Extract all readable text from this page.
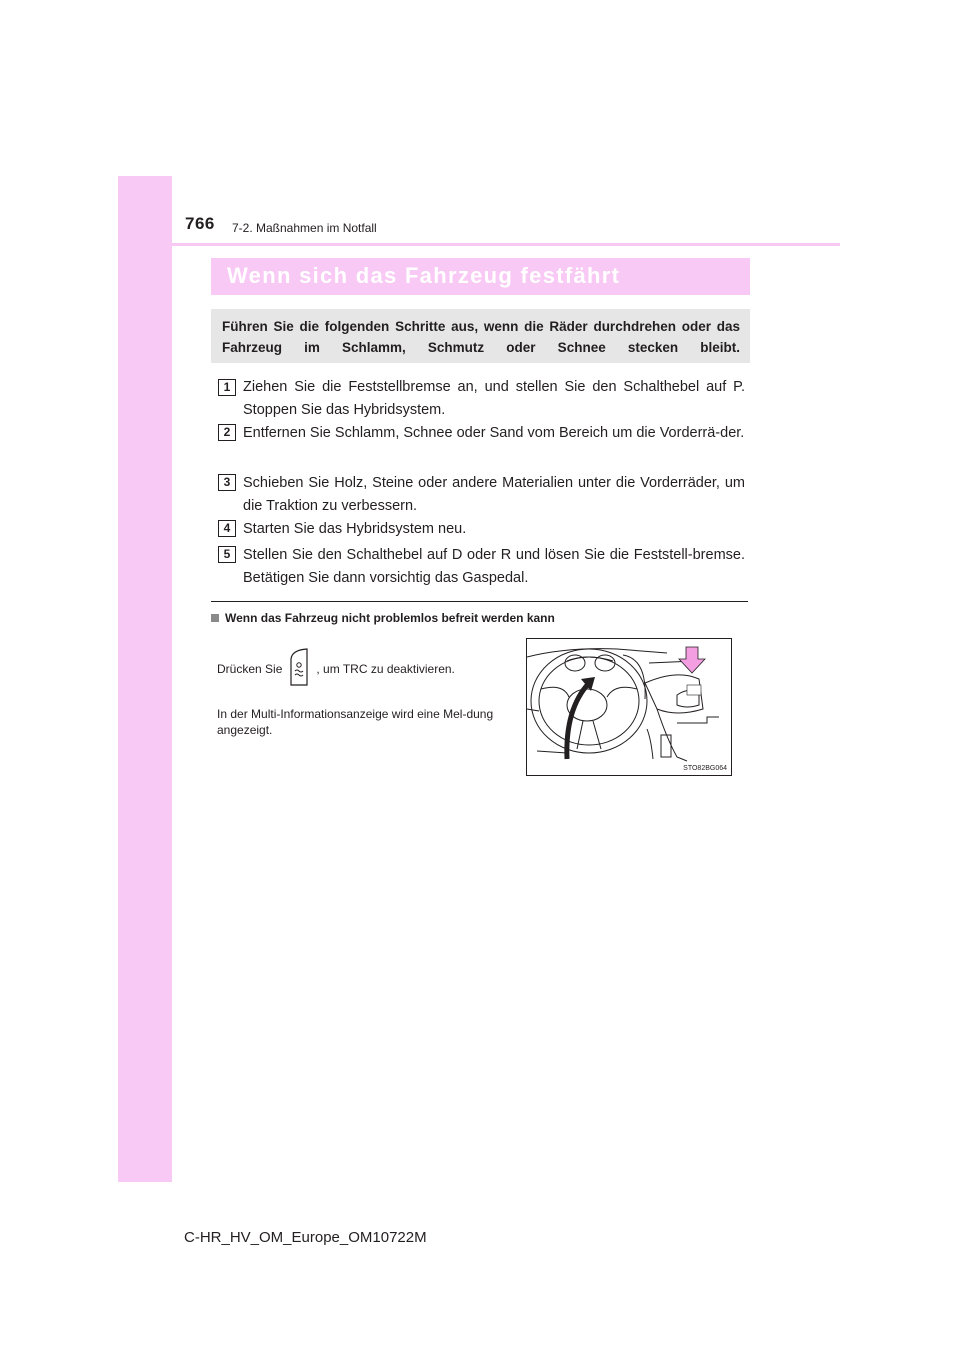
766 7-2. Maßnahmen im Notfall
Wenn sich das Fahrzeug festfährt
Führen Sie die folgenden Schritte aus, wenn die Räder durchdrehen oder das Fahrzeug im Schlamm, Schmutz oder Schnee stecken bleibt.
1 Ziehen Sie die Feststellbremse an, und stellen Sie den Schalthebel auf P. Stoppen Sie das Hybridsystem.
2 Entfernen Sie Schlamm, Schnee oder Sand vom Bereich um die Vorderrä-der.
3 Schieben Sie Holz, Steine oder andere Materialien unter die Vorderräder, um die Traktion zu verbessern.
4 Starten Sie das Hybridsystem neu.
5 Stellen Sie den Schalthebel auf D oder R und lösen Sie die Feststell-bremse. Betätigen Sie dann vorsichtig das Gaspedal.
Wenn das Fahrzeug nicht problemlos befreit werden kann
Drücken Sie	, um TRC zu deaktivieren.
In der Multi-Informationsanzeige wird eine Mel-dung angezeigt.
STO82BG064
C-HR_HV_OM_Europe_OM10722M
